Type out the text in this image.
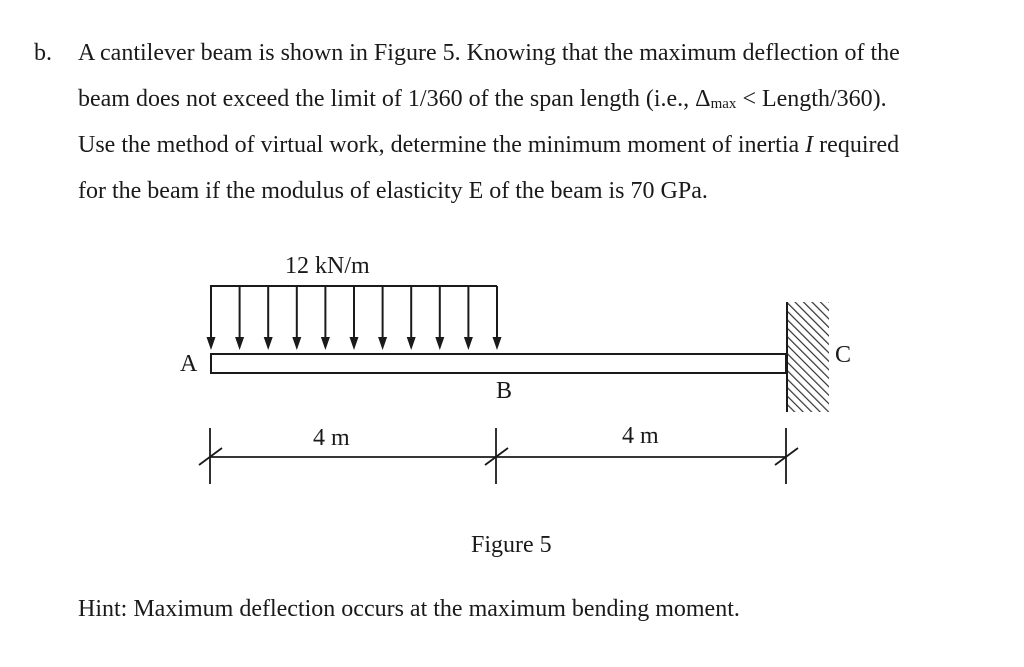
b. A cantilever beam is shown in Figure 5. Knowing that the maximum deflection of the
beam does not exceed the limit of 1/360 of the span length (i.e., $\Delta_{max}$ < Length/360).
Use the method of virtual work, determine the minimum moment of inertia I required
for the beam if the modulus of elasticity E of the beam is 70 GPa.
12 kN/m
A
B
C
4 m	4 m
Figure 5
Hint: Maximum deflection occurs at the maximum bending moment.
